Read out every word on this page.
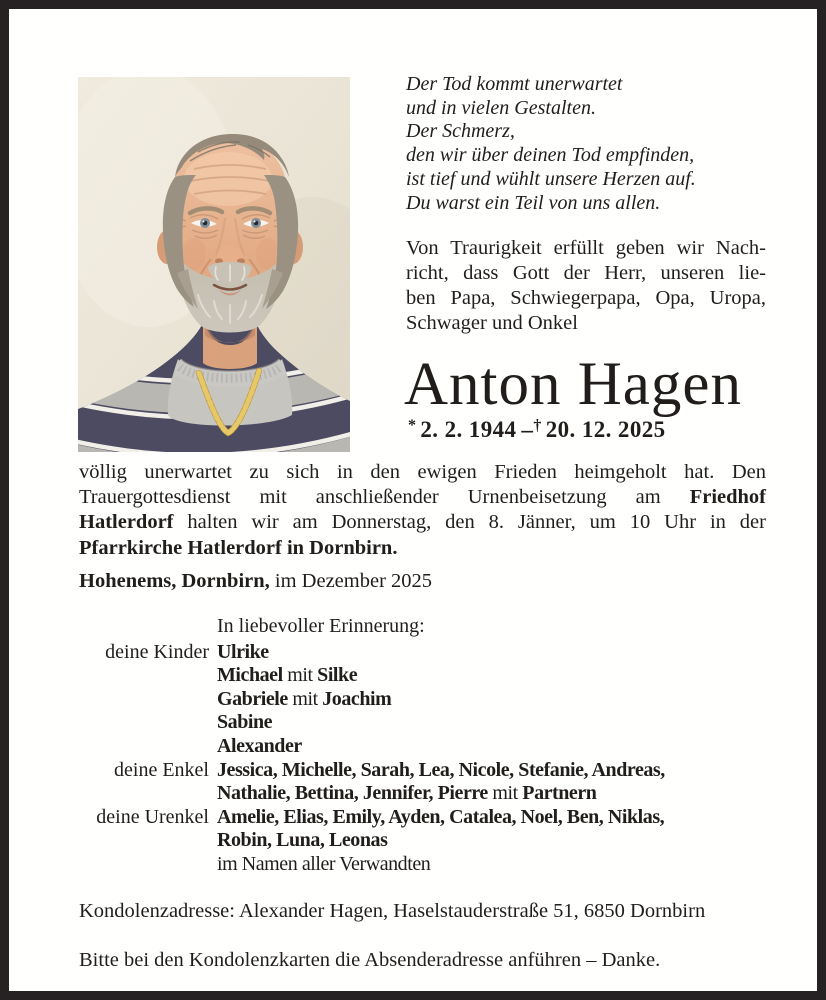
Der Tod kommt unerwartet
und in vielen Gestalten.
Der Schmerz,
den wir über deinen Tod empfinden,
ist tief und wühlt unsere Herzen auf.
Du warst ein Teil von uns allen.
Von Traurigkeit erfüllt geben wir Nach-
richt, dass Gott der Herr, unseren lie-
ben Papa, Schwiegerpapa, Opa, Uropa,
Schwager und Onkel
Anton Hagen
* 2. 2. 1944 –† 20. 12. 2025
völlig unerwartet zu sich in den ewigen Frieden heimgeholt hat. Den
Trauergottesdienst mit anschließender Urnenbeisetzung am Friedhof
Hatlerdorf halten wir am Donnerstag, den 8. Jänner, um 10 Uhr in der
Pfarrkirche Hatlerdorf in Dornbirn.
Hohenems, Dornbirn, im Dezember 2025
In liebevoller Erinnerung:
deine Kinder Ulrike
Michael mit Silke
Gabriele mit Joachim
Sabine
Alexander
deine Enkel Jessica, Michelle, Sarah, Lea, Nicole, Stefanie, Andreas,
Nathalie, Bettina, Jennifer, Pierre mit Partnern
deine Urenkel Amelie, Elias, Emily, Ayden, Catalea, Noel, Ben, Niklas,
Robin, Luna, Leonas
im Namen aller Verwandten
Kondolenzadresse: Alexander Hagen, Haselstauderstraße 51, 6850 Dornbirn
Bitte bei den Kondolenzkarten die Absenderadresse anführen – Danke.
